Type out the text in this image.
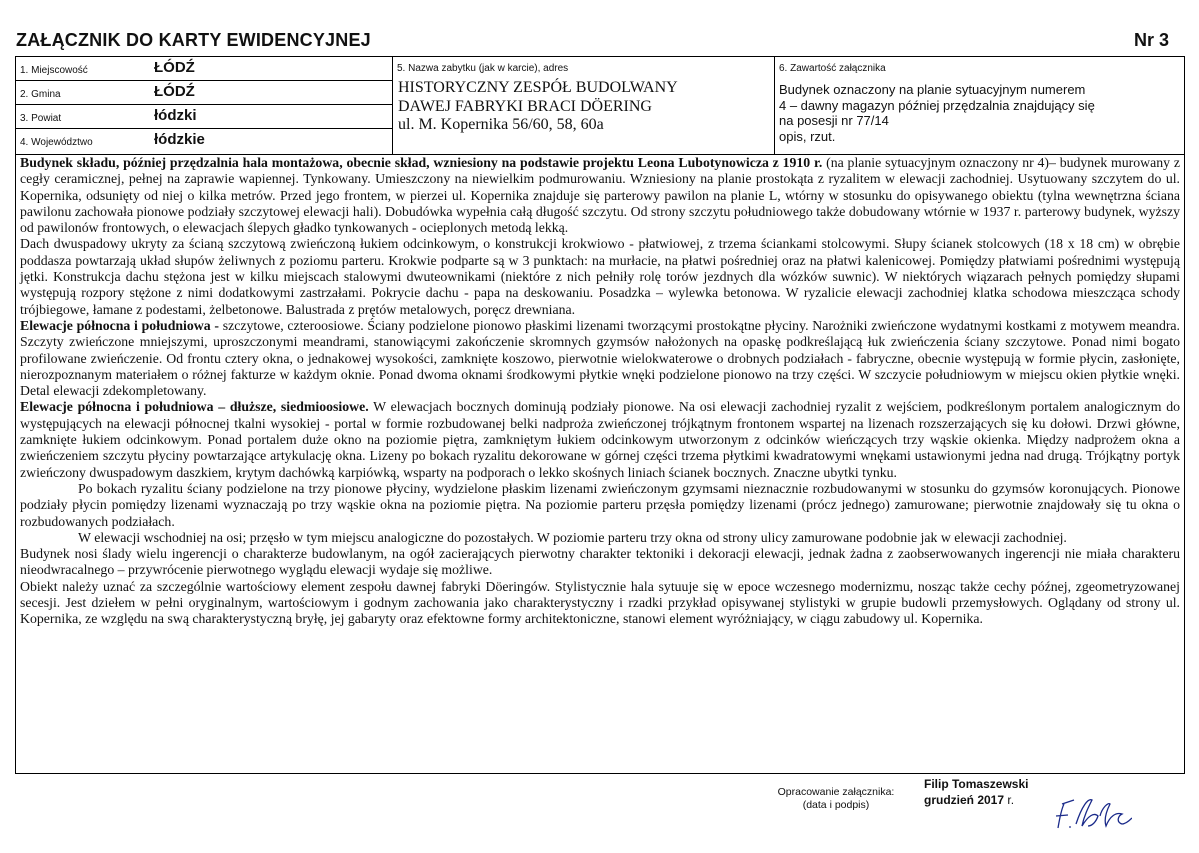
ZAŁĄCZNIK DO KARTY EWIDENCYJNEJ	Nr 3
1. Miejscowość	ŁÓDŹ
2. Gmina	ŁÓDŹ
3. Powiat	łódzki
4. Województwo	łódzkie
5. Nazwa zabytku (jak w karcie), adres
HISTORYCZNY ZESPÓŁ BUDOLWANY
DAWEJ FABRYKI BRACI DÖERING
ul. M. Kopernika 56/60, 58, 60a
6. Zawartość załącznika
Budynek oznaczony na planie sytuacyjnym numerem
4 – dawny magazyn później przędzalnia znajdujący się
na posesji nr 77/14
opis, rzut.

Budynek składu, później przędzalnia hala montażowa, obecnie skład, wzniesiony na podstawie projektu Leona Lubotynowicza z 1910 r. (na planie sytuacyjnym oznaczony nr 4)– budynek murowany z cegły ceramicznej, pełnej na zaprawie wapiennej. Tynkowany. Umieszczony na niewielkim podmurowaniu. Wzniesiony na planie prostokąta z ryzalitem w elewacji zachodniej. Usytuowany szczytem do ul. Kopernika, odsunięty od niej o kilka metrów. Przed jego frontem, w pierzei ul. Kopernika znajduje się parterowy pawilon na planie L, wtórny w stosunku do opisywanego obiektu (tylna wewnętrzna ściana pawilonu zachowała pionowe podziały szczytowej elewacji hali). Dobudówka wypełnia całą długość szczytu. Od strony szczytu południowego także dobudowany wtórnie w 1937 r. parterowy budynek, wyższy od pawilonów frontowych, o elewacjach ślepych gładko tynkowanych - ocieplonych metodą lekką.

Dach dwuspadowy ukryty za ścianą szczytową zwieńczoną łukiem odcinkowym, o konstrukcji krokwiowo - płatwiowej, z trzema ściankami stolcowymi. Słupy ścianek stolcowych (18 x 18 cm) w obrębie poddasza powtarzają układ słupów żeliwnych z poziomu parteru. Krokwie podparte są w 3 punktach: na murłacie, na płatwi pośredniej oraz na płatwi kalenicowej. Pomiędzy płatwiami pośrednimi występują jętki. Konstrukcja dachu stężona jest w kilku miejscach stalowymi dwuteownikami (niektóre z nich pełniły rolę torów jezdnych dla wózków suwnic). W niektórych wiązarach pełnych pomiędzy słupami występują rozpory stężone z nimi dodatkowymi zastrzałami. Pokrycie dachu - papa na deskowaniu. Posadzka – wylewka betonowa. W ryzalicie elewacji zachodniej klatka schodowa mieszcząca schody trójbiegowe, łamane z podestami, żelbetonowe. Balustrada z prętów metalowych, poręcz drewniana.

Elewacje północna i południowa - szczytowe, czteroosiowe. Ściany podzielone pionowo płaskimi lizenami tworzącymi prostokątne płyciny. Narożniki zwieńczone wydatnymi kostkami z motywem meandra. Szczyty zwieńczone mniejszymi, uproszczonymi meandrami, stanowiącymi zakończenie skromnych gzymsów nałożonych na opaskę podkreślającą łuk zwieńczenia ściany szczytowe. Ponad nimi bogato profilowane zwieńczenie. Od frontu cztery okna, o jednakowej wysokości, zamknięte koszowo, pierwotnie wielokwaterowe o drobnych podziałach - fabryczne, obecnie występują w formie płycin, zasłonięte, nierozpoznanym materiałem o różnej fakturze w każdym oknie. Ponad dwoma oknami środkowymi płytkie wnęki podzielone pionowo na trzy części. W szczycie południowym w miejscu okien płytkie wnęki. Detal elewacji zdekompletowany.

Elewacje północna i południowa – dłuższe, siedmioosiowe. W elewacjach bocznych dominują podziały pionowe. Na osi elewacji zachodniej ryzalit z wejściem, podkreślonym portalem analogicznym do występujących na elewacji północnej tkalni wysokiej - portal w formie rozbudowanej belki nadproża zwieńczonej trójkątnym frontonem wspartej na lizenach rozszerzających się ku dołowi. Drzwi główne, zamknięte łukiem odcinkowym. Ponad portalem duże okno na poziomie piętra, zamkniętym łukiem odcinkowym utworzonym z odcinków wieńczących trzy wąskie okienka. Między nadprożem okna a zwieńczeniem szczytu płyciny powtarzające artykulację okna. Lizeny po bokach ryzalitu dekorowane w górnej części trzema płytkimi kwadratowymi wnękami ustawionymi jedna nad drugą. Trójkątny portyk zwieńczony dwuspadowym daszkiem, krytym dachówką karpiówką, wsparty na podporach o lekko skośnych liniach ścianek bocznych. Znaczne ubytki tynku.

Po bokach ryzalitu ściany podzielone na trzy pionowe płyciny, wydzielone płaskim lizenami zwieńczonym gzymsami nieznacznie rozbudowanymi w stosunku do gzymsów koronujących. Pionowe podziały płycin pomiędzy lizenami wyznaczają po trzy wąskie okna na poziomie piętra. Na poziomie parteru przęsła pomiędzy lizenami (prócz jednego) zamurowane; pierwotnie znajdowały się tu okna o rozbudowanych podziałach.

W elewacji wschodniej na osi; przęsło w tym miejscu analogiczne do pozostałych. W poziomie parteru trzy okna od strony ulicy zamurowane podobnie jak w elewacji zachodniej.

Budynek nosi ślady wielu ingerencji o charakterze budowlanym, na ogół zacierających pierwotny charakter tektoniki i dekoracji elewacji, jednak żadna z zaobserwowanych ingerencji nie miała charakteru nieodwracalnego – przywrócenie pierwotnego wyglądu elewacji wydaje się możliwe.

Obiekt należy uznać za szczególnie wartościowy element zespołu dawnej fabryki Döeringów. Stylistycznie hala sytuuje się w epoce wczesnego modernizmu, nosząc także cechy późnej, zgeometryzowanej secesji. Jest dziełem w pełni oryginalnym, wartościowym i godnym zachowania jako charakterystyczny i rzadki przykład opisywanej stylistyki w grupie budowli przemysłowych. Oglądany od strony ul. Kopernika, ze względu na swą charakterystyczną bryłę, jej gabaryty oraz efektowne formy architektoniczne, stanowi element wyróżniający, w ciągu zabudowy ul. Kopernika.

Opracowanie załącznika:
(data i podpis)
Filip Tomaszewski
grudzień 2017 r.
